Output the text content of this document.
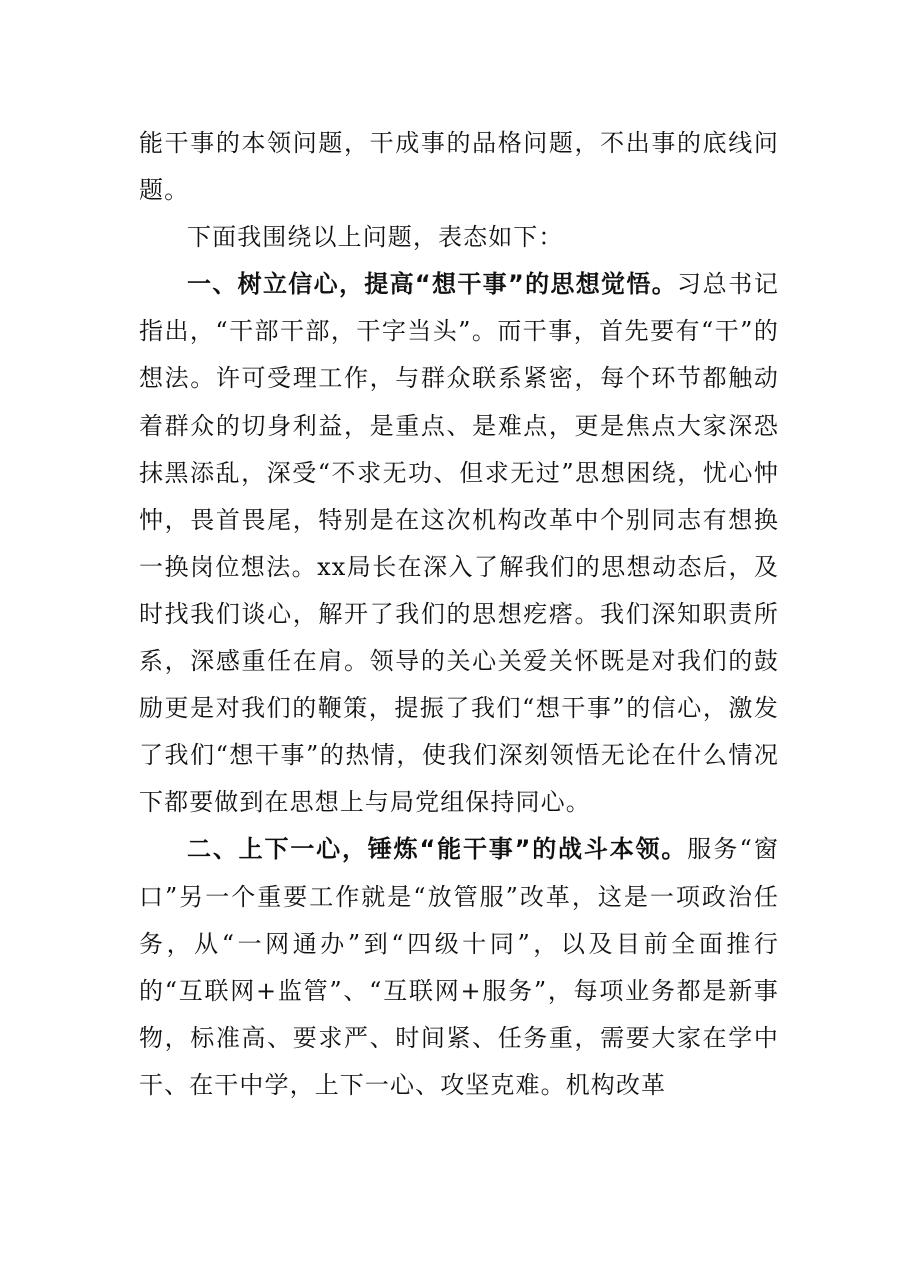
能干事的本领问题，干成事的品格问题，不出事的底线问题。

下面我围绕以上问题，表态如下：

一、树立信心，提高“想干事”的思想觉悟。习总书记指出，“干部干部，干字当头”。而干事，首先要有“干”的想法。许可受理工作，与群众联系紧密，每个环节都触动着群众的切身利益，是重点、是难点，更是焦点大家深恐抹黑添乱，深受“不求无功、但求无过”思想困绕，忧心忡忡，畏首畏尾，特别是在这次机构改革中个别同志有想换一换岗位想法。xx局长在深入了解我们的思想动态后，及时找我们谈心，解开了我们的思想疙瘩。我们深知职责所系，深感重任在肩。领导的关心关爱关怀既是对我们的鼓励更是对我们的鞭策，提振了我们“想干事”的信心，激发了我们“想干事”的热情，使我们深刻领悟无论在什么情况下都要做到在思想上与局党组保持同心。

二、上下一心，锤炼“能干事”的战斗本领。服务“窗口”另一个重要工作就是“放管服”改革，这是一项政治任务，从“一网通办”到“四级十同”，以及目前全面推行的“互联网+监管”、“互联网+服务”，每项业务都是新事物，标准高、要求严、时间紧、任务重，需要大家在学中干、在干中学，上下一心、攻坚克难。机构改革
